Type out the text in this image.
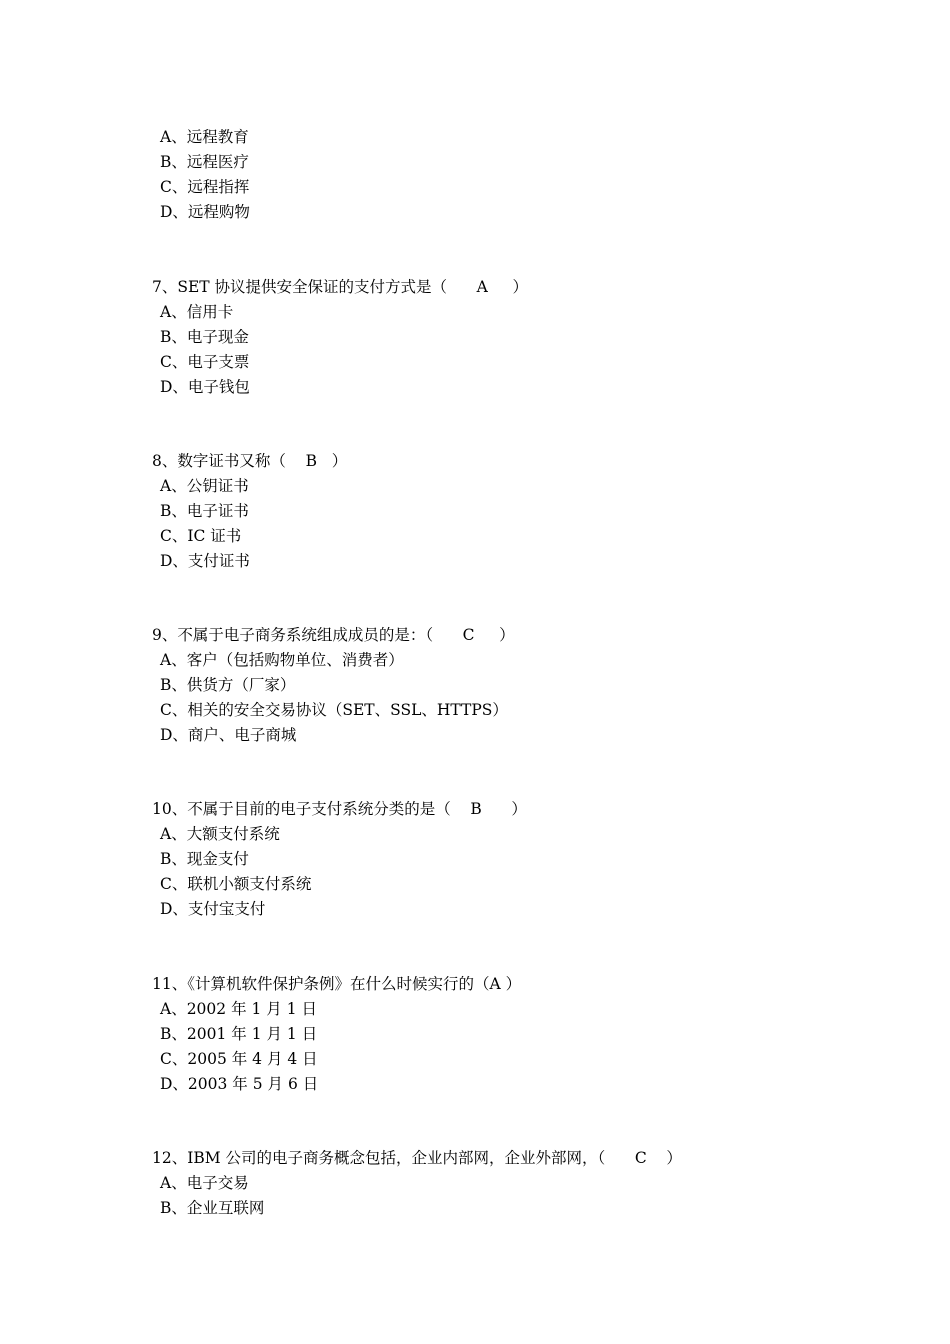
A、远程教育
B、远程医疗
C、远程指挥
D、远程购物
7、SET 协议提供安全保证的支付方式是（      A     ）
A、信用卡
B、电子现金
C、电子支票
D、电子钱包
8、数字证书又称（    B   ）
A、公钥证书
B、电子证书
C、IC 证书
D、支付证书
9、不属于电子商务系统组成成员的是：（      C     ）
A、客户（包括购物单位、消费者）
B、供货方（厂家）
C、相关的安全交易协议（SET、SSL、HTTPS）
D、商户、电子商城
10、不属于目前的电子支付系统分类的是（    B      ）
A、大额支付系统
B、现金支付
C、联机小额支付系统
D、支付宝支付
11、《计算机软件保护条例》在什么时候实行的（A ）
A、2002 年 1 月 1 日
B、2001 年 1 月 1 日
C、2005 年 4 月 4 日
D、2003 年 5 月 6 日
12、IBM 公司的电子商务概念包括，企业内部网，企业外部网，（      C    ）
A、电子交易
B、企业互联网
